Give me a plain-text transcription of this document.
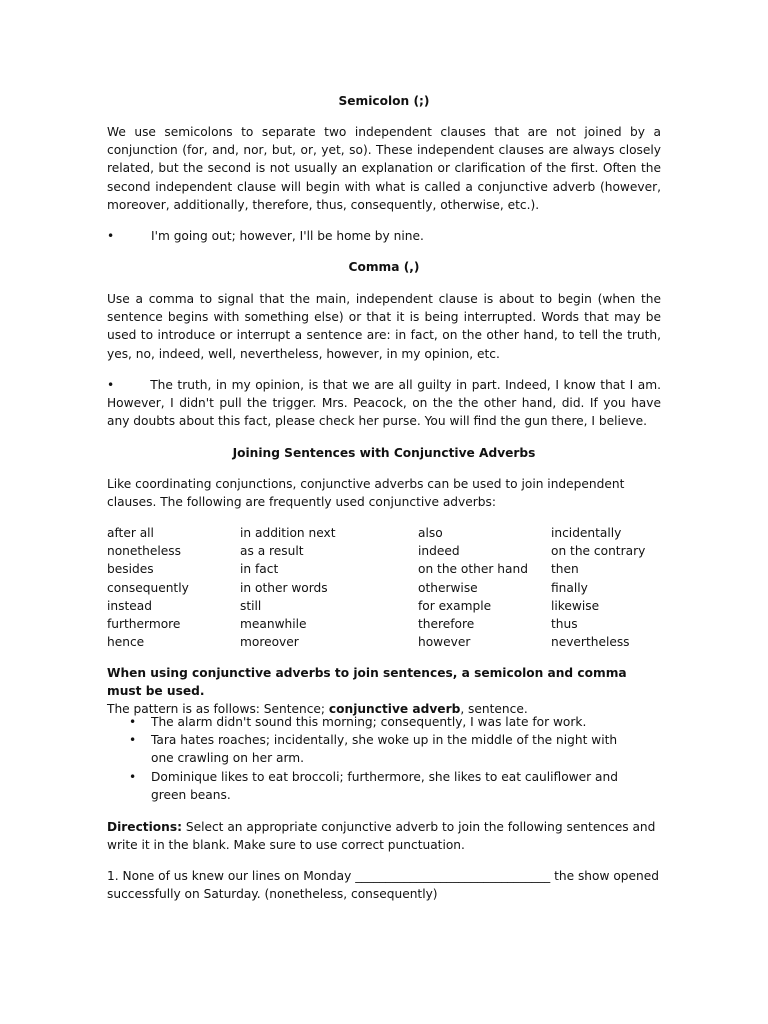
Semicolon (;)

We use semicolons to separate two independent clauses that are not joined by a conjunction (for, and, nor, but, or, yet, so). These independent clauses are always closely related, but the second is not usually an explanation or clarification of the first. Often the second independent clause will begin with what is called a conjunctive adverb (however, moreover, additionally, therefore, thus, consequently, otherwise, etc.).

•	I'm going out; however, I'll be home by nine.
Comma (,)

Use a comma to signal that the main, independent clause is about to begin (when the sentence begins with something else) or that it is being interrupted. Words that may be used to introduce or interrupt a sentence are: in fact, on the other hand, to tell the truth, yes, no, indeed, well, nevertheless, however, in my opinion, etc.

•	The truth, in my opinion, is that we are all guilty in part. Indeed, I know that I am. However, I didn't pull the trigger. Mrs. Peacock, on the the other hand, did. If you have any doubts about this fact, please check her purse. You will find the gun there, I believe.

Joining Sentences with Conjunctive Adverbs

Like coordinating conjunctions, conjunctive adverbs can be used to join independent clauses. The following are frequently used conjunctive adverbs:

after all
nonetheless
besides
consequently
instead
furthermore
hence
in addition next
as a result
in fact
in other words
still
meanwhile
moreover
also
indeed
on the other hand
otherwise
for example
therefore
however
incidentally
on the contrary
then
finally
likewise
thus
nevertheless

When using conjunctive adverbs to join sentences, a semicolon and comma must be used.
The pattern is as follows: Sentence; conjunctive adverb, sentence.

• The alarm didn't sound this morning; consequently, I was late for work.
• Tara hates roaches; incidentally, she woke up in the middle of the night with one crawling on her arm.
• Dominique likes to eat broccoli; furthermore, she likes to eat cauliflower and green beans.

Directions: Select an appropriate conjunctive adverb to join the following sentences and write it in the blank. Make sure to use correct punctuation.

1. None of us knew our lines on Monday ________________________________ the show opened successfully on Saturday. (nonetheless, consequently)
